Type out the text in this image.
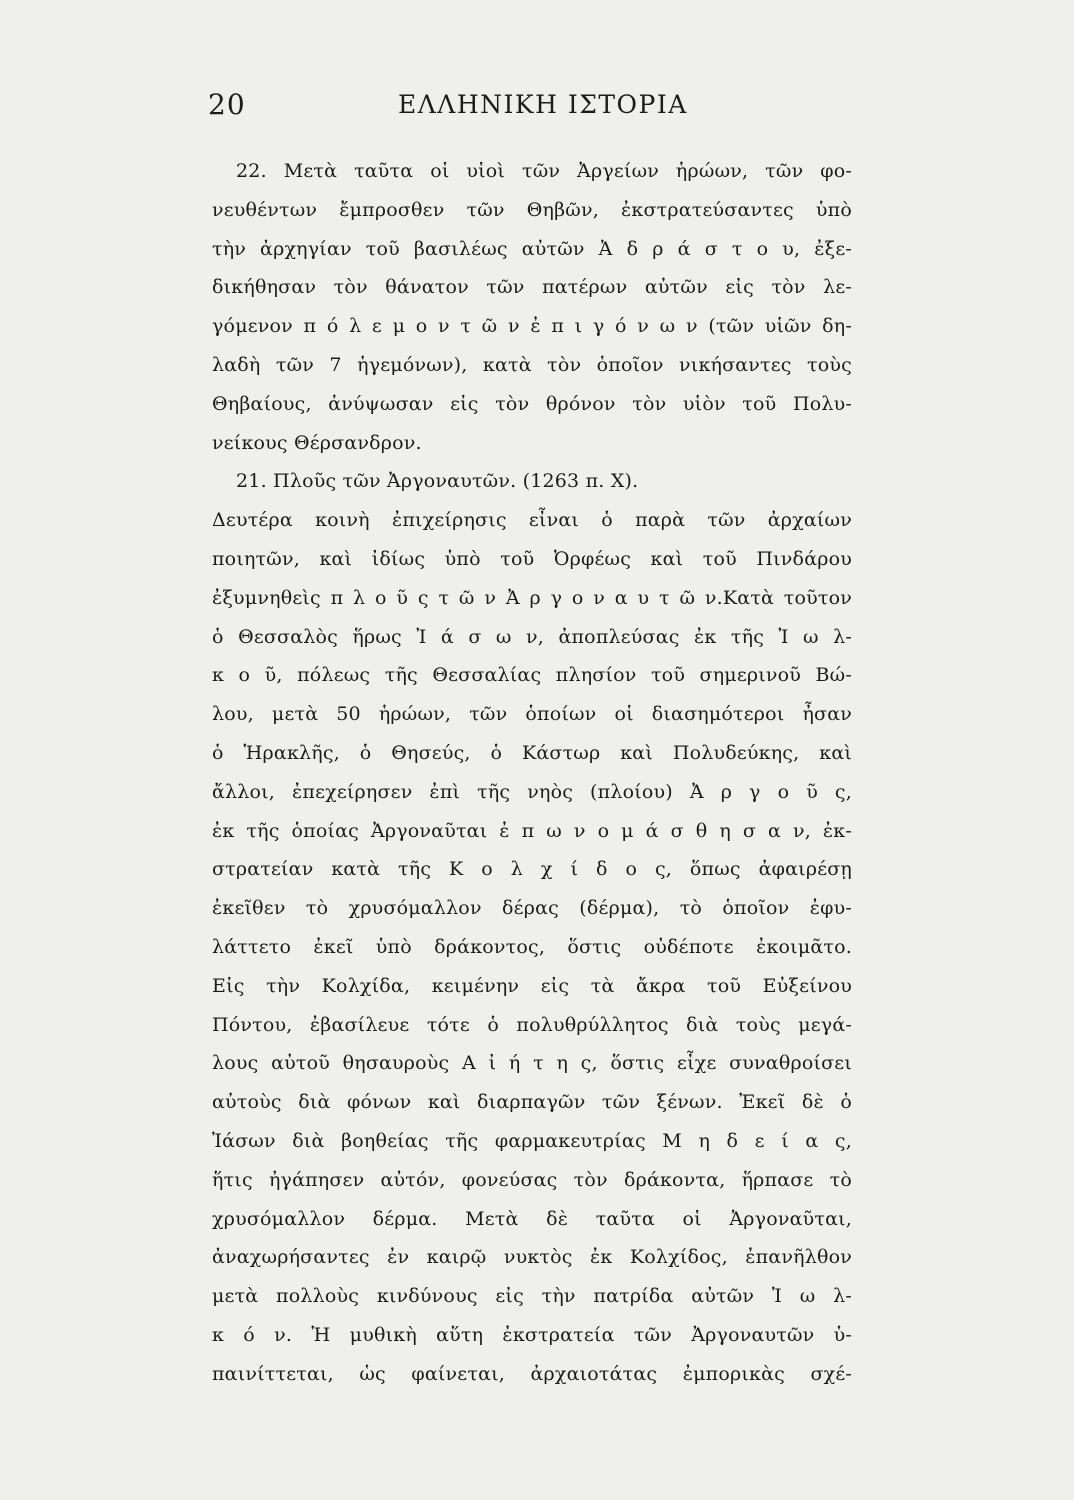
20	ΕΛΛΗΝΙΚΗ ΙΣΤΟΡΙΑ
22. Μετὰ ταῦτα οἱ υἱοὶ τῶν Ἀργείων ἡρώων, τῶν φο-
νευθέντων ἔμπροσθεν τῶν Θηβῶν, ἐκστρατεύσαντες ὑπὸ
τὴν ἀρχηγίαν τοῦ βασιλέως αὐτῶν Ἀ δ ρ ά σ τ ο υ, ἐξε-
δικήθησαν τὸν θάνατον τῶν πατέρων αὐτῶν εἰς τὸν λε-
γόμενον π ό λ ε μ ο ν τ ῶ ν ἐ π ι γ ό ν ω ν (τῶν υἱῶν δη-
λαδὴ τῶν 7 ἡγεμόνων), κατὰ τὸν ὁποῖον νικήσαντες τοὺς
Θηβαίους, ἀνύψωσαν εἰς τὸν θρόνον τὸν υἱὸν τοῦ Πολυ-
νείκους Θέρσανδρον.
21. Πλοῦς τῶν Ἀργοναυτῶν. (1263 π. Χ).
Δευτέρα κοινὴ ἐπιχείρησις εἶναι ὁ παρὰ τῶν ἀρχαίων
ποιητῶν, καὶ ἰδίως ὑπὸ τοῦ Ὀρφέως καὶ τοῦ Πινδάρου
ἐξυμνηθεὶς π λ ο ῦ ς τ ῶ ν Ἀ ρ γ ο ν α υ τ ῶ ν.Κατὰ τοῦτον
ὁ Θεσσαλὸς ἥρως Ἰ ά σ ω ν, ἀποπλεύσας ἐκ τῆς Ἰ ω λ-
κ ο ῦ, πόλεως τῆς Θεσσαλίας πλησίον τοῦ σημερινοῦ Βώ-
λου, μετὰ 50 ἡρώων, τῶν ὁποίων οἱ διασημότεροι ἦσαν
ὁ Ἡρακλῆς, ὁ Θησεύς, ὁ Κάστωρ καὶ Πολυδεύκης, καὶ
ἄλλοι, ἐπεχείρησεν ἐπὶ τῆς νηὸς (πλοίου) Ἀ ρ γ ο ῦ ς,
ἐκ τῆς ὁποίας Ἀργοναῦται ἐ π ω ν ο μ ά σ θ η σ α ν, ἐκ-
στρατείαν κατὰ τῆς Κ ο λ χ ί δ ο ς, ὅπως ἀφαιρέσῃ
ἐκεῖθεν τὸ χρυσόμαλλον δέρας (δέρμα), τὸ ὁποῖον ἐφυ-
λάττετο ἐκεῖ ὑπὸ δράκοντος, ὅστις οὐδέποτε ἐκοιμᾶτο.
Εἰς τὴν Κολχίδα, κειμένην εἰς τὰ ἄκρα τοῦ Εὐξείνου
Πόντου, ἐβασίλευε τότε ὁ πολυθρύλλητος διὰ τοὺς μεγά-
λους αὐτοῦ θησαυροὺς Α ἰ ή τ η ς, ὅστις εἶχε συναθροίσει
αὐτοὺς διὰ φόνων καὶ διαρπαγῶν τῶν ξένων. Ἐκεῖ δὲ ὁ
Ἰάσων διὰ βοηθείας τῆς φαρμακευτρίας Μ η δ ε ί α ς,
ἥτις ἠγάπησεν αὐτόν, φονεύσας τὸν δράκοντα, ἥρπασε τὸ
χρυσόμαλλον δέρμα. Μετὰ δὲ ταῦτα οἱ Ἀργοναῦται,
ἀναχωρήσαντες ἐν καιρῷ νυκτὸς ἐκ Κολχίδος, ἐπανῆλθον
μετὰ πολλοὺς κινδύνους εἰς τὴν πατρίδα αὐτῶν Ἰ ω λ-
κ ό ν. Ἡ μυθικὴ αὕτη ἐκστρατεία τῶν Ἀργοναυτῶν ὑ-
παινίττεται, ὡς φαίνεται, ἀρχαιοτάτας ἐμπορικὰς σχέ-
